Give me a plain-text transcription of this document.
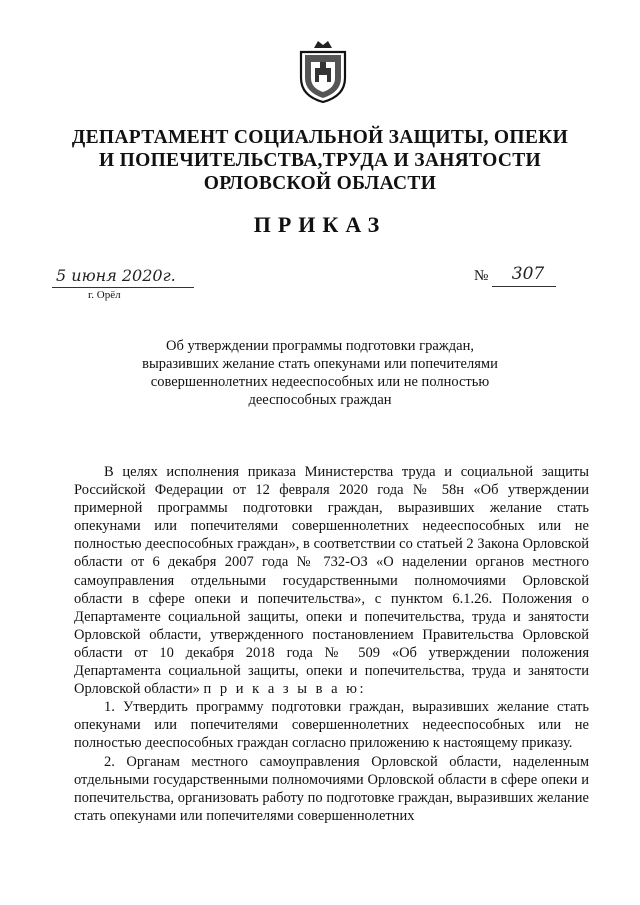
ДЕПАРТАМЕНТ СОЦИАЛЬНОЙ ЗАЩИТЫ, ОПЕКИ
И ПОПЕЧИТЕЛЬСТВА,ТРУДА И ЗАНЯТОСТИ
ОРЛОВСКОЙ ОБЛАСТИ
ПРИКАЗ
5 июня 2020г.
г. Орёл
№	307
Об утверждении программы подготовки граждан,
выразивших желание стать опекунами или попечителями
совершеннолетних недееспособных или не полностью
дееспособных граждан

В целях исполнения приказа Министерства труда и социальной защиты Российской Федерации от 12 февраля 2020 года № 58н «Об утверждении примерной программы подготовки граждан, выразивших желание стать опекунами или попечителями совершеннолетних недееспособных или не полностью дееспособных граждан», в соответствии со статьей 2 Закона Орловской области от 6 декабря 2007 года № 732-ОЗ «О наделении органов местного самоуправления отдельными государственными полномочиями Орловской области в сфере опеки и попечительства», с пунктом 6.1.26. Положения о Департаменте социальной защиты, опеки и попечительства, труда и занятости Орловской области, утвержденного постановлением Правительства Орловской области от 10 декабря 2018 года № 509 «Об утверждении положения Департамента социальной защиты, опеки и попечительства, труда и занятости Орловской области» п р и к а з ы в а ю:

1. Утвердить программу подготовки граждан, выразивших желание стать опекунами или попечителями совершеннолетних недееспособных или не полностью дееспособных граждан согласно приложению к настоящему приказу.

2. Органам местного самоуправления Орловской области, наделенным отдельными государственными полномочиями Орловской области в сфере опеки и попечительства, организовать работу по подготовке граждан, выразивших желание стать опекунами или попечителями совершеннолетних
